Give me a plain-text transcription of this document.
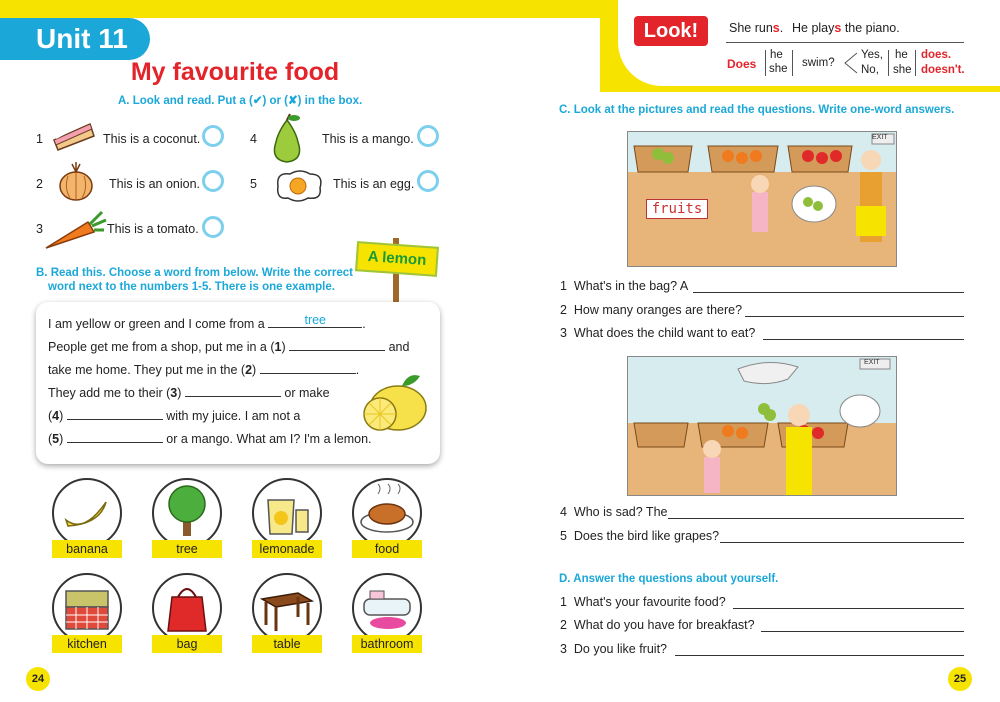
Unit 11
My favourite food
A. Look and read. Put a (✔) or (✘) in the box.
1	This is a coconut.
2	This is an onion.
3	This is a tomato.
4	This is a mango.
5	This is an egg.
B. Read this. Choose a word from below. Write the correct
word next to the numbers 1-5. There is one example.
A lemon
I am yellow or green and I come from a	tree	.
People get me from a shop, put me in a (1)	and
take me home. They put me in the (2)	.
They add me to their (3)	or make
(4)	with my juice. I am not a
(5)	or a mango. What am I? I'm a lemon.
banana	tree	lemonade	food
kitchen	bag	table	bathroom
24	25
Look!	She runs. He plays the piano.
Does
he
she swim?
Yes,
No,
he
she
does.
doesn't.
C. Look at the pictures and read the questions. Write one-word answers.
fruits
EXIT
1 What's in the bag? A
2 How many oranges are there?
3 What does the child want to eat?
EXIT
4 Who is sad? The
5 Does the bird like grapes?
D. Answer the questions about yourself.
1 What's your favourite food?
2 What do you have for breakfast?
3 Do you like fruit?
